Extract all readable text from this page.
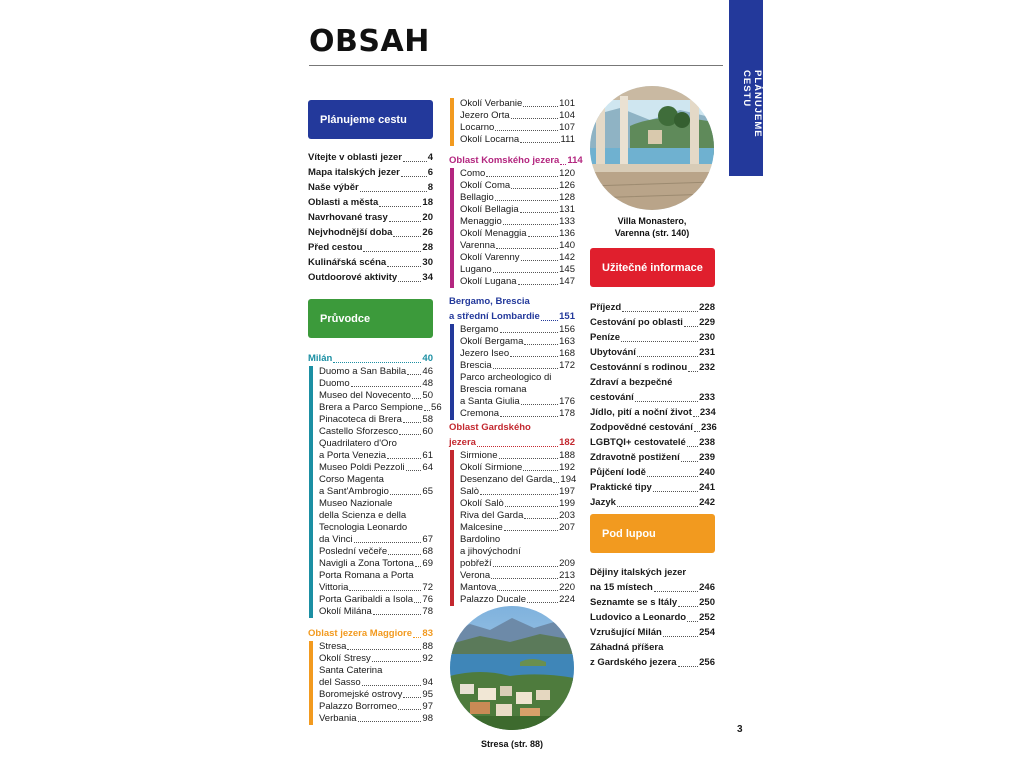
OBSAH
PLÁNUJEME CESTU
Plánujeme cestu
Vítejte v oblasti jezer	4
Mapa italských jezer	6
Naše výběr	8
Oblasti a města	18
Navrhované trasy	20
Nejvhodnější doba	26
Před cestou	28
Kulinářská scéna	30
Outdoorové aktivity	34
Průvodce
Milán	40
Duomo a San Babila 46
Duomo	48
Museo del Novecento 50
Brera a Parco Sempione 56
Pinacoteca di Brera 58
Castello Sforzesco	60
Quadrilatero d'Oro
a Porta Venezia	61
Museo Poldi Pezzoli 64
Corso Magenta
a Sant'Ambrogio	65
Museo Nazionale
della Scienza e della
Tecnologia Leonardo
da Vinci	67
Poslední večeře	68
Navigli a Zona Tortona 69
Porta Romana a Porta
Vittoria	72
Porta Garibaldi a Isola 76
Okolí Milána	78
Oblast jezera Maggiore 83
Stresa	88
Okolí Stresy	92
Santa Caterina
del Sasso	94
Boromejské ostrovy 95
Palazzo Borromeo	97
Verbania	98
Okolí Verbanie	101
Jezero Orta	104
Locarno	107
Okolí Locarna	111
Oblast Komského jezera 114
Como	120
Okolí Coma	126
Bellagio	128
Okolí Bellagia	131
Menaggio	133
Okolí Menaggia	136
Varenna	140
Okolí Varenny	142
Lugano	145
Okolí Lugana	147
Bergamo, Brescia
a střední Lombardie 151
Bergamo	156
Okolí Bergama	163
Jezero Iseo	168
Brescia	172
Parco archeologico di
Brescia romana
a Santa Giulia	176
Cremona	178
Oblast Gardského
jezera	182
Sirmione	188
Okolí Sirmione	192
Desenzano del Garda 194
Salò	197
Okolí Salò	199
Riva del Garda	203
Malcesine	207
Bardolino
a jihovýchodní
pobřeží	209
Verona	213
Mantova	220
Palazzo Ducale	224
Stresa (str. 88)
Villa Monastero,
Varenna (str. 140)
Užitečné informace
Příjezd	228
Cestování po oblasti 229
Peníze	230
Ubytování	231
Cestovánní s rodinou 232
Zdraví a bezpečné
cestování	233
Jídlo, pití a noční život 234
Zodpovědné cestování 236
LGBTQI+ cestovatelé 238
Zdravotně postižení 239
Půjčení lodě	240
Praktické tipy	241
Jazyk	242
Pod lupou
Dějiny italských jezer
na 15 místech	246
Seznamte se s Itály 250
Ludovico a Leonardo 252
Vzrušující Milán	254
Záhadná příšera
z Gardského jezera 256
3
